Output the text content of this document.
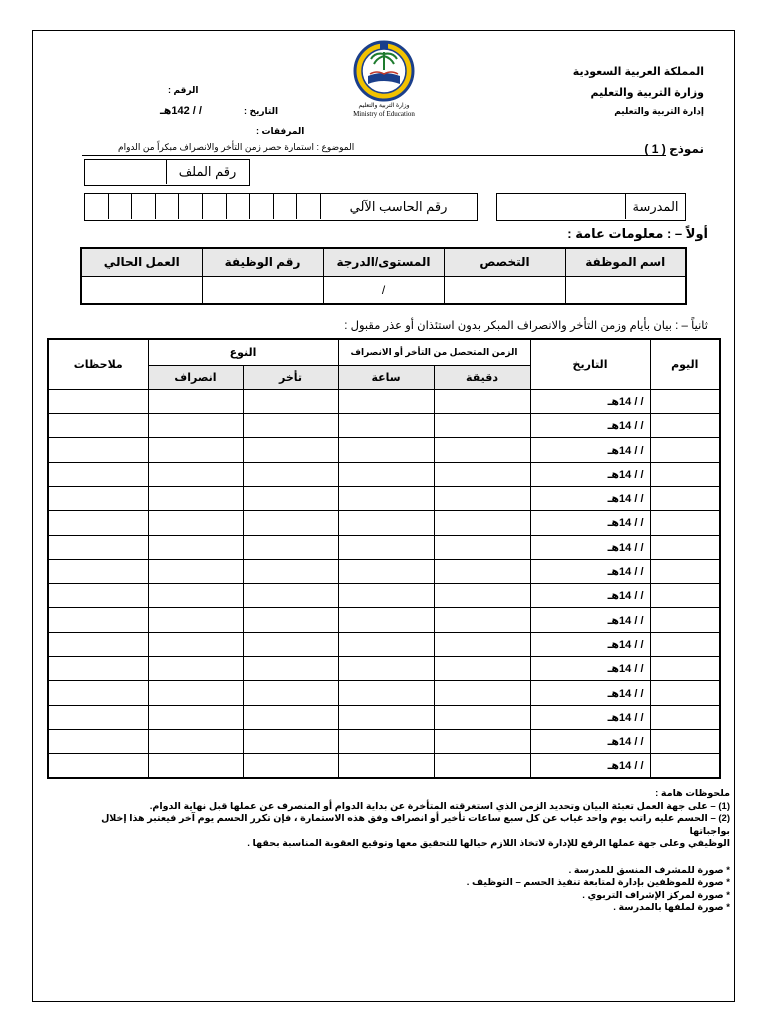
المملكة العربية السعودية
وزارة التربية والتعليم
إدارة التربية والتعليم
وزارة التربية والتعليم
Ministry of Education
الرقم :
التاريخ :
/ / 142هـ
المرفقات :
نموذج ( 1 )
الموضوع : استمارة حصر زمن التأخر والانصراف مبكراً من الدوام
رقم الملف
المدرسة
رقم الحاسب الآلي
أولاً – : معلومات عامة :
اسم الموظفة	التخصص	المستوى/الدرجة	رقم الوظيفة	العمل الحالي
		/		
ثانياً – : بيان بأيام وزمن التأخر والانصراف المبكر بدون استئذان أو عذر مقبول :
اليوم	التاريخ	الزمن المتحصل من التأخر أو الانصراف		النوع		ملاحظات
		دقيقة	ساعة	تأخر	انصراف	
	/ / 14هـ					
	/ / 14هـ					
	/ / 14هـ					
	/ / 14هـ					
	/ / 14هـ					
	/ / 14هـ					
	/ / 14هـ					
	/ / 14هـ					
	/ / 14هـ					
	/ / 14هـ					
	/ / 14هـ					
	/ / 14هـ					
	/ / 14هـ					
	/ / 14هـ					
	/ / 14هـ					
	/ / 14هـ					

ملحوظات هامة :

(1) – على جهة العمل تعبئة البيان وتحديد الزمن الذي استغرقته المتأخرة عن بداية الدوام أو المنصرف عن عملها قبل نهاية الدوام.

(2) – الحسم عليه راتب يوم واحد غياب عن كل سبع ساعات تأخير أو انصراف وفق هذه الاستمارة ، فإن تكرر الحسم يوم آخر فيعتبر هذا إخلال بواجباتها

الوظيفي وعلى جهة عملها الرفع للإدارة لاتخاذ اللازم حيالها للتحقيق معها وتوقيع العقوبة المناسبة بحقها .

* صورة للمشرف المنسق للمدرسة .

* صورة للموظفين بإدارة لمتابعة تنفيذ الحسم – التوظيف .

* صورة لمركز الإشراف التربوي .

* صورة لملفها بالمدرسة .
